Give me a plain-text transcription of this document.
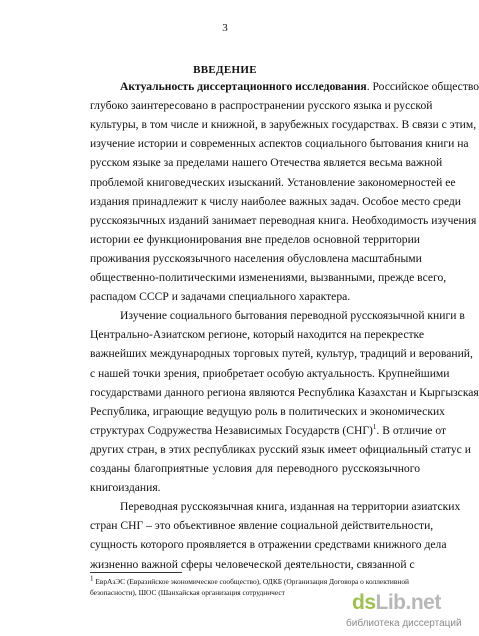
3
ВВЕДЕНИЕ
Актуальность диссертационного исследования. Российское общество
глубоко заинтересовано в распространении русского языка и русской
культуры, в том числе и книжной, в зарубежных государствах. В связи с этим,
изучение истории и современных аспектов социального бытования книги на
русском языке за пределами нашего Отечества является весьма важной
проблемой книговедческих изысканий. Установление закономерностей ее
издания принадлежит к числу наиболее важных задач. Особое место среди
русскоязычных изданий занимает переводная книга. Необходимость изучения
истории ее функционирования вне пределов основной территории
проживания русскоязычного населения обусловлена масштабными
общественно-политическими изменениями, вызванными, прежде всего,
распадом СССР и задачами специального характера.
Изучение социального бытования переводной русскоязычной книги в
Центрально-Азиатском регионе, который находится на перекрестке
важнейших международных торговых путей, культур, традиций и верований,
с нашей точки зрения, приобретает особую актуальность. Крупнейшими
государствами данного региона являются Республика Казахстан и Кыргызская
Республика, играющие ведущую роль в политических и экономических
структурах Содружества Независимых Государств (СНГ)$^1$. В отличие от
других стран, в этих республиках русский язык имеет официальный статус и
созданы благоприятные условия для переводного русскоязычного
книгоиздания.
Переводная русскоязычная книга, изданная на территории азиатских
стран СНГ – это объективное явление социальной действительности,
сущность которого проявляется в отражении средствами книжного дела
жизненно важной сферы человеческой деятельности, связанной с
$^1$ ЕврАзЭС (Евразийское экономическое сообщество), ОДКБ (Организация Договора о коллективной
безопасности), ШОС (Шанхайская организация сотрудничест	dsLib.net
библиотека диссертаций
